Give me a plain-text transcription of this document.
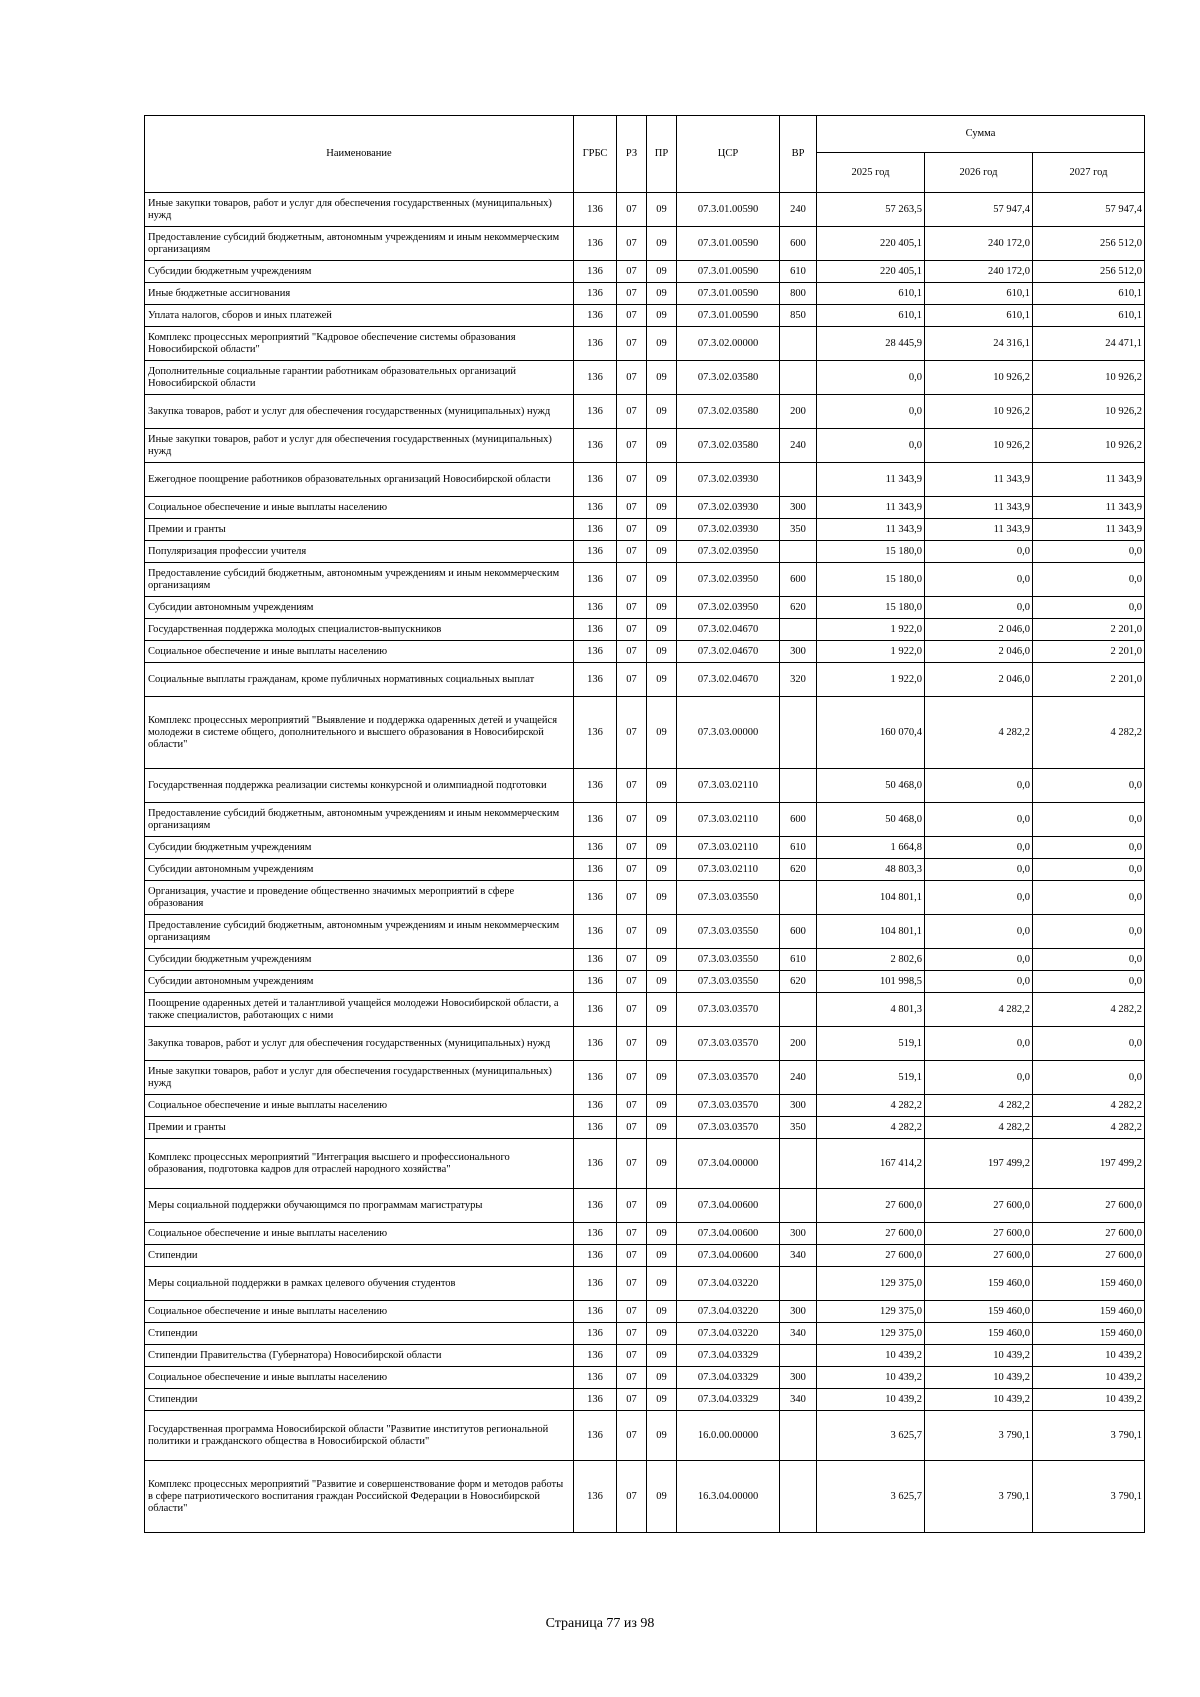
Наименование	ГРБС	РЗ	ПР	ЦСР	ВР	Сумма		
						2025 год	2026 год	2027 год
Иные закупки товаров, работ и услуг для обеспечения государственных (муниципальных) нужд	136	07	09	07.3.01.00590	240	57 263,5	57 947,4	57 947,4
Предоставление субсидий бюджетным, автономным учреждениям и иным некоммерческим организациям	136	07	09	07.3.01.00590	600	220 405,1	240 172,0	256 512,0
Субсидии бюджетным учреждениям	136	07	09	07.3.01.00590	610	220 405,1	240 172,0	256 512,0
Иные бюджетные ассигнования	136	07	09	07.3.01.00590	800	610,1	610,1	610,1
Уплата налогов, сборов и иных платежей	136	07	09	07.3.01.00590	850	610,1	610,1	610,1
Комплекс процессных мероприятий "Кадровое обеспечение системы образования Новосибирской области"	136	07	09	07.3.02.00000		28 445,9	24 316,1	24 471,1
Дополнительные социальные гарантии работникам образовательных организаций Новосибирской области	136	07	09	07.3.02.03580		0,0	10 926,2	10 926,2
Закупка товаров, работ и услуг для обеспечения государственных (муниципальных) нужд	136	07	09	07.3.02.03580	200	0,0	10 926,2	10 926,2
Иные закупки товаров, работ и услуг для обеспечения государственных (муниципальных) нужд	136	07	09	07.3.02.03580	240	0,0	10 926,2	10 926,2
Ежегодное поощрение работников образовательных организаций Новосибирской области	136	07	09	07.3.02.03930		11 343,9	11 343,9	11 343,9
Социальное обеспечение и иные выплаты населению	136	07	09	07.3.02.03930	300	11 343,9	11 343,9	11 343,9
Премии и гранты	136	07	09	07.3.02.03930	350	11 343,9	11 343,9	11 343,9
Популяризация профессии учителя	136	07	09	07.3.02.03950		15 180,0	0,0	0,0
Предоставление субсидий бюджетным, автономным учреждениям и иным некоммерческим организациям	136	07	09	07.3.02.03950	600	15 180,0	0,0	0,0
Субсидии автономным учреждениям	136	07	09	07.3.02.03950	620	15 180,0	0,0	0,0
Государственная поддержка молодых специалистов-выпускников	136	07	09	07.3.02.04670		1 922,0	2 046,0	2 201,0
Социальное обеспечение и иные выплаты населению	136	07	09	07.3.02.04670	300	1 922,0	2 046,0	2 201,0
Социальные выплаты гражданам, кроме публичных нормативных социальных выплат	136	07	09	07.3.02.04670	320	1 922,0	2 046,0	2 201,0
Комплекс процессных мероприятий "Выявление и поддержка одаренных детей и учащейся молодежи в системе общего, дополнительного и высшего образования в Новосибирской области"	136	07	09	07.3.03.00000		160 070,4	4 282,2	4 282,2
Государственная поддержка реализации системы конкурсной и олимпиадной подготовки	136	07	09	07.3.03.02110		50 468,0	0,0	0,0
Предоставление субсидий бюджетным, автономным учреждениям и иным некоммерческим организациям	136	07	09	07.3.03.02110	600	50 468,0	0,0	0,0
Субсидии бюджетным учреждениям	136	07	09	07.3.03.02110	610	1 664,8	0,0	0,0
Субсидии автономным учреждениям	136	07	09	07.3.03.02110	620	48 803,3	0,0	0,0
Организация, участие и проведение общественно значимых мероприятий в сфере образования	136	07	09	07.3.03.03550		104 801,1	0,0	0,0
Предоставление субсидий бюджетным, автономным учреждениям и иным некоммерческим организациям	136	07	09	07.3.03.03550	600	104 801,1	0,0	0,0
Субсидии бюджетным учреждениям	136	07	09	07.3.03.03550	610	2 802,6	0,0	0,0
Субсидии автономным учреждениям	136	07	09	07.3.03.03550	620	101 998,5	0,0	0,0
Поощрение одаренных детей и талантливой учащейся молодежи Новосибирской области, а также специалистов, работающих с ними	136	07	09	07.3.03.03570		4 801,3	4 282,2	4 282,2
Закупка товаров, работ и услуг для обеспечения государственных (муниципальных) нужд	136	07	09	07.3.03.03570	200	519,1	0,0	0,0
Иные закупки товаров, работ и услуг для обеспечения государственных (муниципальных) нужд	136	07	09	07.3.03.03570	240	519,1	0,0	0,0
Социальное обеспечение и иные выплаты населению	136	07	09	07.3.03.03570	300	4 282,2	4 282,2	4 282,2
Премии и гранты	136	07	09	07.3.03.03570	350	4 282,2	4 282,2	4 282,2
Комплекс процессных мероприятий "Интеграция высшего и профессионального образования, подготовка кадров для отраслей народного хозяйства"	136	07	09	07.3.04.00000		167 414,2	197 499,2	197 499,2
Меры социальной поддержки обучающимся по программам магистратуры	136	07	09	07.3.04.00600		27 600,0	27 600,0	27 600,0
Социальное обеспечение и иные выплаты населению	136	07	09	07.3.04.00600	300	27 600,0	27 600,0	27 600,0
Стипендии	136	07	09	07.3.04.00600	340	27 600,0	27 600,0	27 600,0
Меры социальной поддержки в рамках целевого обучения студентов	136	07	09	07.3.04.03220		129 375,0	159 460,0	159 460,0
Социальное обеспечение и иные выплаты населению	136	07	09	07.3.04.03220	300	129 375,0	159 460,0	159 460,0
Стипендии	136	07	09	07.3.04.03220	340	129 375,0	159 460,0	159 460,0
Стипендии Правительства (Губернатора) Новосибирской области	136	07	09	07.3.04.03329		10 439,2	10 439,2	10 439,2
Социальное обеспечение и иные выплаты населению	136	07	09	07.3.04.03329	300	10 439,2	10 439,2	10 439,2
Стипендии	136	07	09	07.3.04.03329	340	10 439,2	10 439,2	10 439,2
Государственная программа Новосибирской области "Развитие институтов региональной политики и гражданского общества в Новосибирской области"	136	07	09	16.0.00.00000		3 625,7	3 790,1	3 790,1
Комплекс процессных мероприятий "Развитие и совершенствование форм и методов работы в сфере патриотического воспитания граждан Российской Федерации в Новосибирской области"	136	07	09	16.3.04.00000		3 625,7	3 790,1	3 790,1
Страница 77 из 98
